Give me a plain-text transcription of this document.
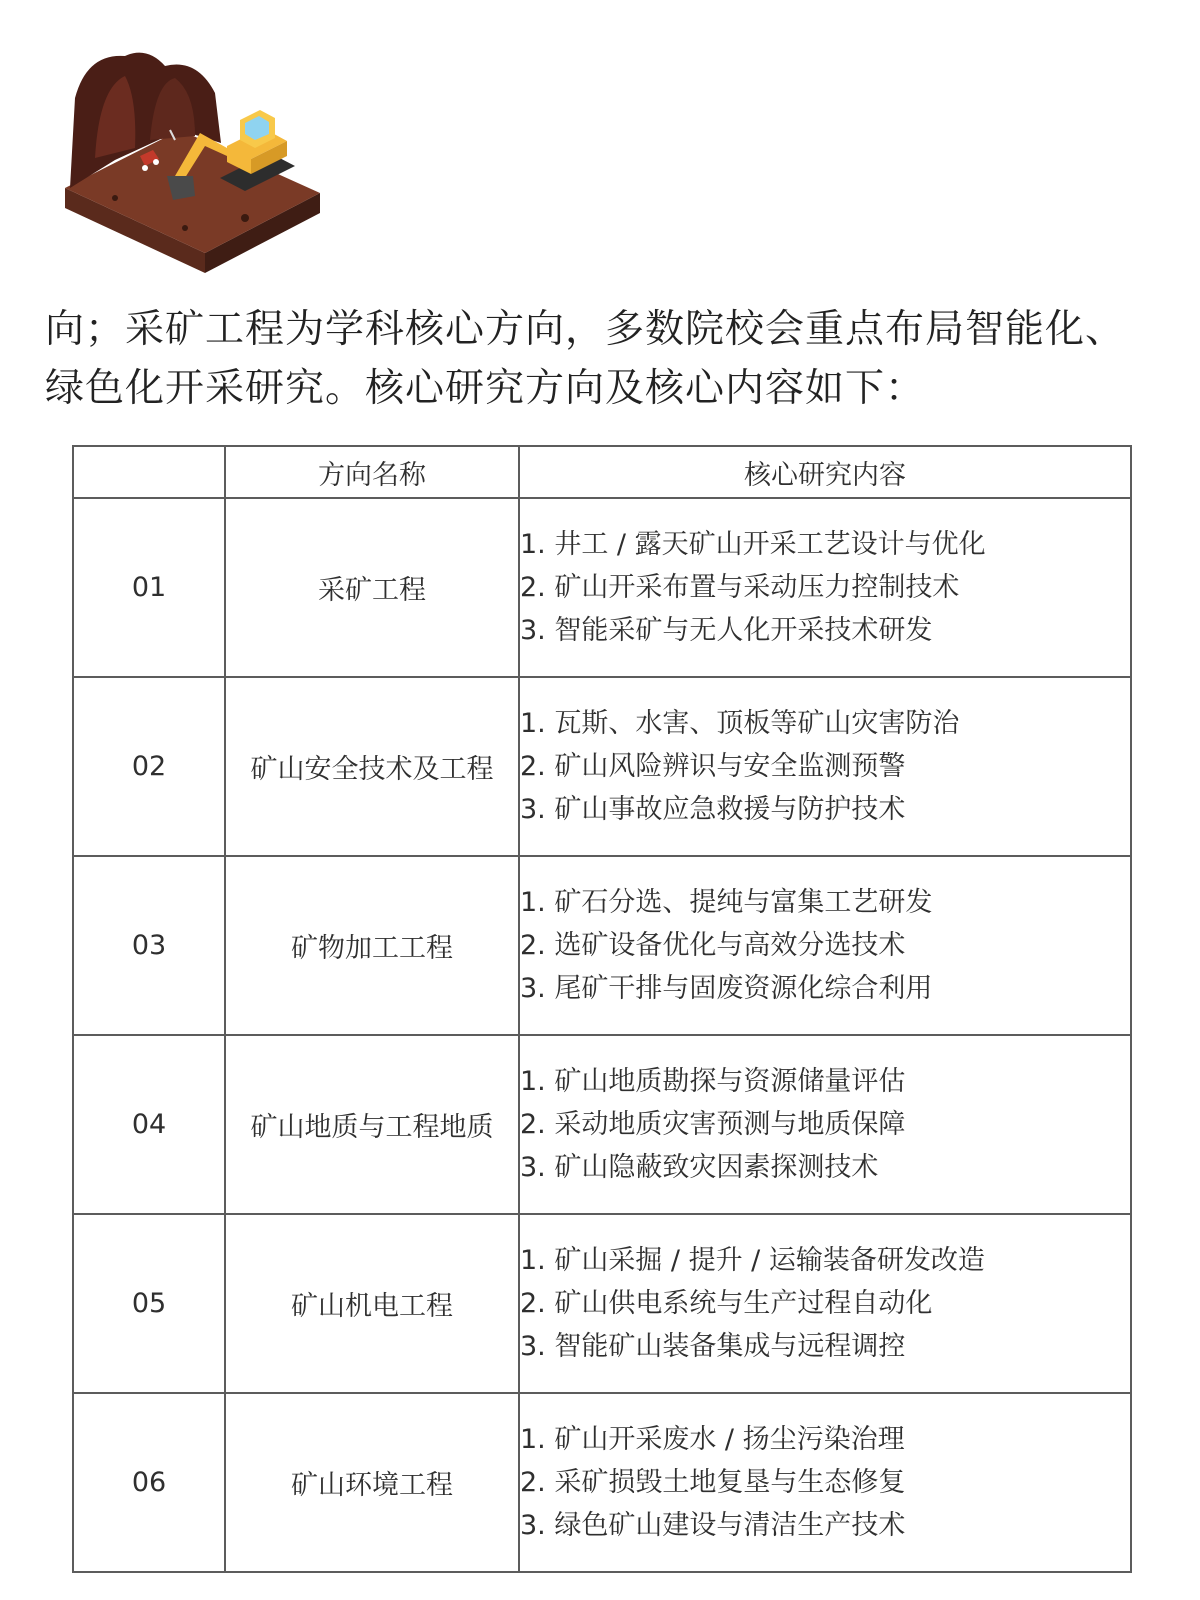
向；采矿工程为学科核心方向，多数院校会重点布局智能化、绿色化开采研究。核心研究方向及核心内容如下：

	方向名称	核心研究内容
01	采矿工程	1. 井工 / 露天矿山开采工艺设计与优化
2. 矿山开采布置与采动压力控制技术
3. 智能采矿与无人化开采技术研发

02	矿山安全技术及工程	1. 瓦斯、水害、顶板等矿山灾害防治
2. 矿山风险辨识与安全监测预警
3. 矿山事故应急救援与防护技术

03	矿物加工工程	1. 矿石分选、提纯与富集工艺研发
2. 选矿设备优化与高效分选技术
3. 尾矿干排与固废资源化综合利用

04	矿山地质与工程地质	1. 矿山地质勘探与资源储量评估
2. 采动地质灾害预测与地质保障
3. 矿山隐蔽致灾因素探测技术

05	矿山机电工程	1. 矿山采掘 / 提升 / 运输装备研发改造
2. 矿山供电系统与生产过程自动化
3. 智能矿山装备集成与远程调控

06	矿山环境工程	1. 矿山开采废水 / 扬尘污染治理
2. 采矿损毁土地复垦与生态修复
3. 绿色矿山建设与清洁生产技术
